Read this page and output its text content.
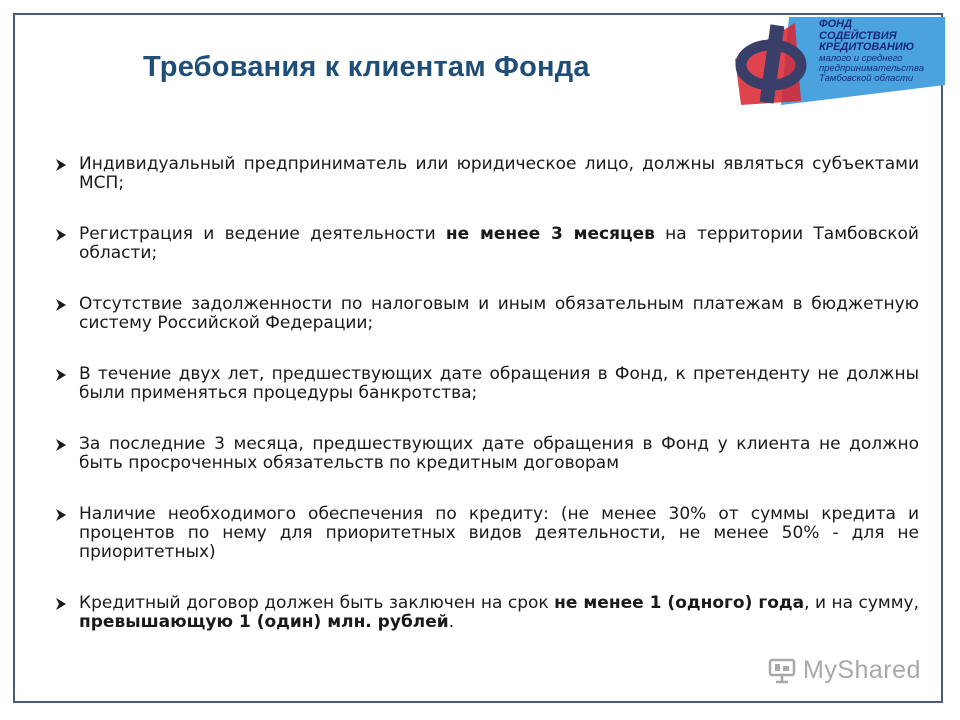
Требования к клиентам Фонда
ФОНД
СОДЕЙСТВИЯ
КРЕДИТОВАНИЮ
малого и среднего
предпринимательства
Тамбовской области
Индивидуальный предприниматель или юридическое лицо, должны являться субъектами МСП;
Регистрация и ведение деятельности не менее 3 месяцев на территории Тамбовской области;
Отсутствие задолженности по налоговым и иным обязательным платежам в бюджетную систему Российской Федерации;
В течение двух лет, предшествующих дате обращения в Фонд, к претенденту не должны были применяться процедуры банкротства;
За последние 3 месяца, предшествующих дате обращения в Фонд у клиента не должно быть просроченных обязательств по кредитным договорам
Наличие необходимого обеспечения по кредиту: (не менее 30% от суммы кредита и процентов по нему для приоритетных видов деятельности, не менее 50% - для не приоритетных)
Кредитный договор должен быть заключен на срок не менее 1 (одного) года, и на сумму, превышающую 1 (один) млн. рублей.
MyShared
